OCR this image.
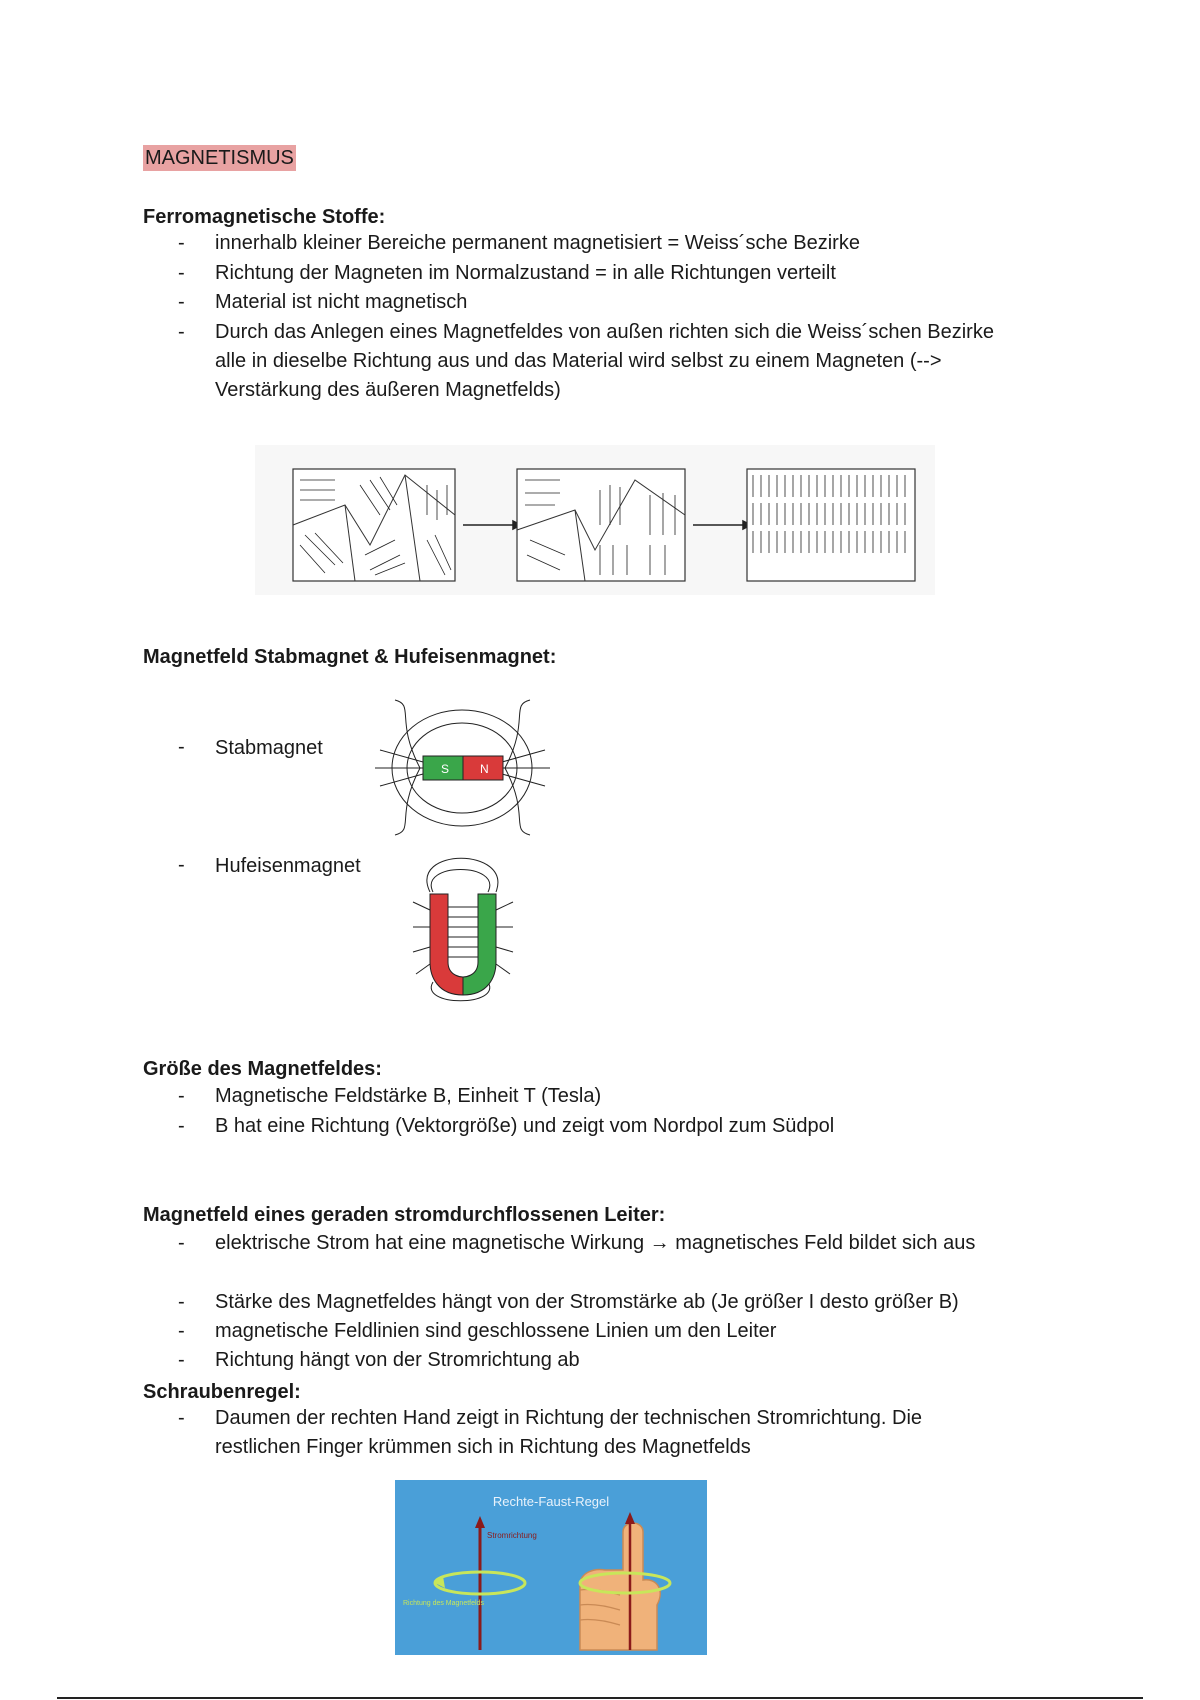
MAGNETISMUS
Ferromagnetische Stoffe:
- innerhalb kleiner Bereiche permanent magnetisiert = Weiss´sche Bezirke
- Richtung der Magneten im Normalzustand = in alle Richtungen verteilt
- Material ist nicht magnetisch
- Durch das Anlegen eines Magnetfeldes von außen richten sich die Weiss´schen Bezirke alle in dieselbe Richtung aus und das Material wird selbst zu einem Magneten (--> Verstärkung des äußeren Magnetfelds)
Magnetfeld Stabmagnet & Hufeisenmagnet:
- Stabmagnet
S	N
- Hufeisenmagnet
Größe des Magnetfeldes:
- Magnetische Feldstärke B, Einheit T (Tesla)
- B hat eine Richtung (Vektorgröße) und zeigt vom Nordpol zum Südpol
Magnetfeld eines geraden stromdurchflossenen Leiter:
- elektrische Strom hat eine magnetische Wirkung → magnetisches Feld bildet sich aus
- Stärke des Magnetfeldes hängt von der Stromstärke ab (Je größer I desto größer B)
- magnetische Feldlinien sind geschlossene Linien um den Leiter
- Richtung hängt von der Stromrichtung ab
Schraubenregel:
- Daumen der rechten Hand zeigt in Richtung der technischen Stromrichtung. Die restlichen Finger krümmen sich in Richtung des Magnetfelds
Rechte-Faust-Regel
Stromrichtung
Richtung des Magnetfelds
